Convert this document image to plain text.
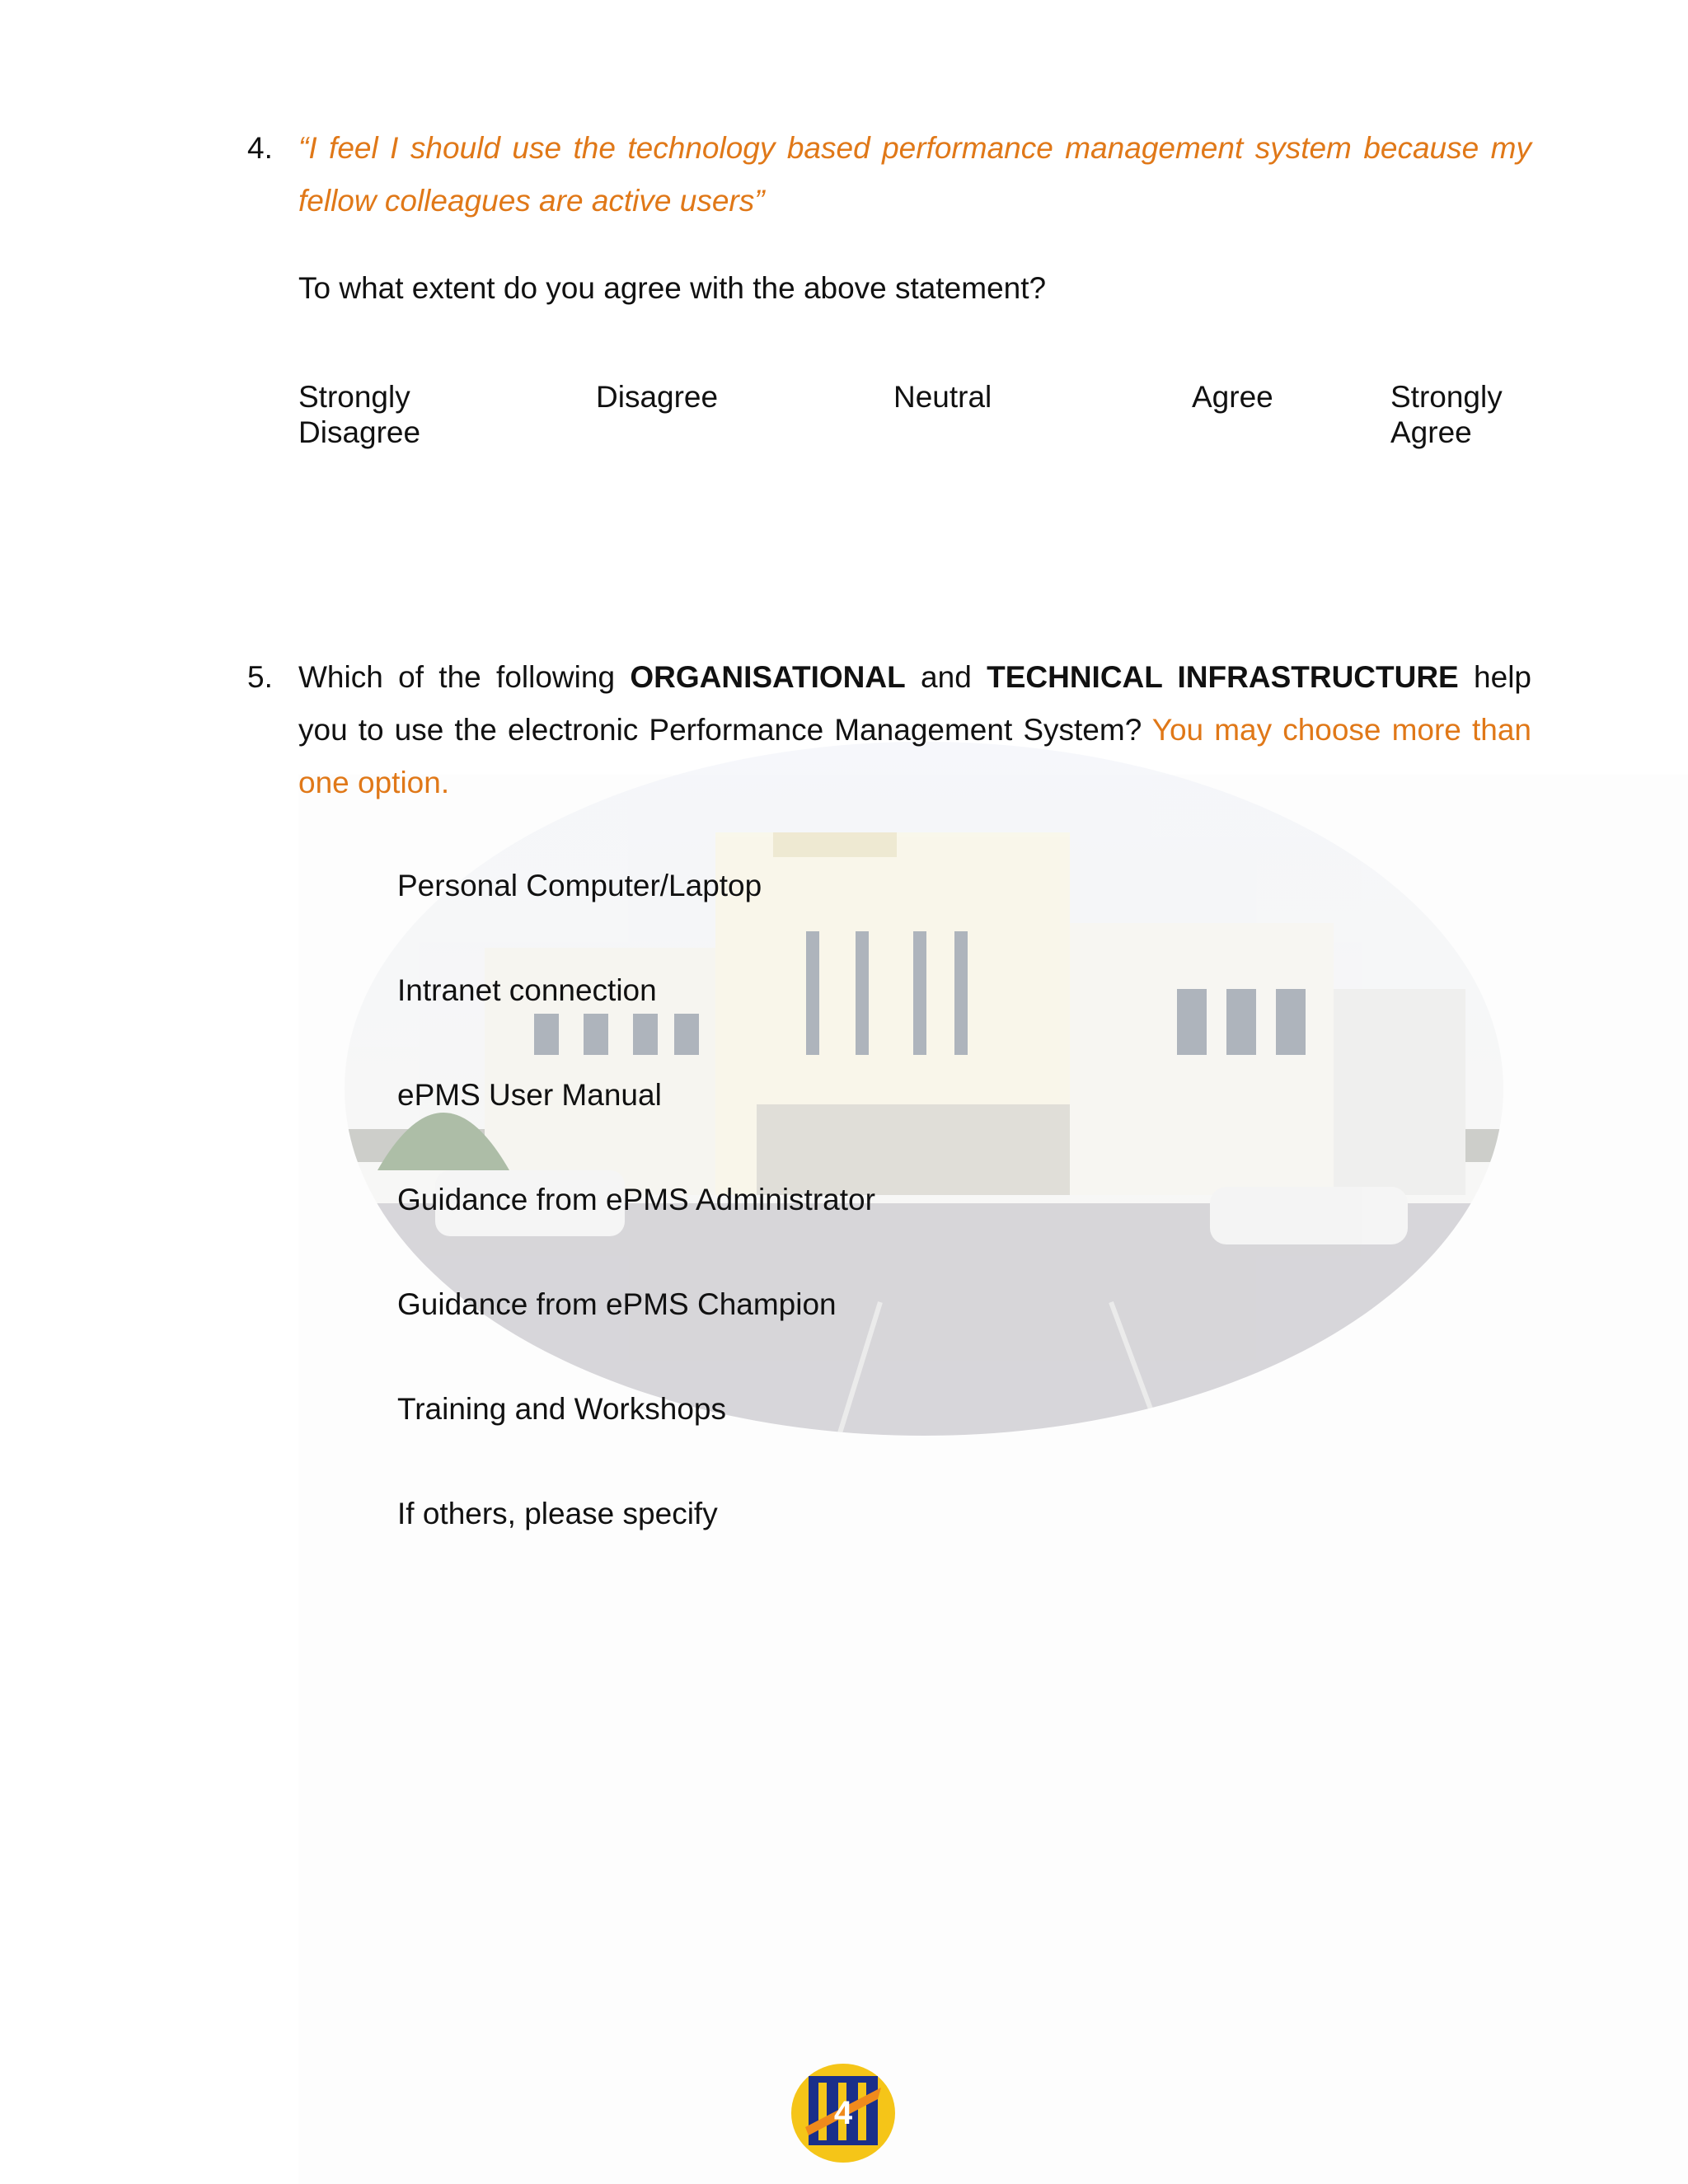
4. “I feel I should use the technology based performance management system because my fellow colleagues are active users”
To what extent do you agree with the above statement?
Strongly Disagree
Disagree	Neutral	Agree	Strongly Agree
5. Which of the following ORGANISATIONAL and TECHNICAL INFRASTRUCTURE help you to use the electronic Performance Management System? You may choose more than one option.
Personal Computer/Laptop
Intranet connection
ePMS User Manual
Guidance from ePMS Administrator
Guidance from ePMS Champion
Training and Workshops
If others, please specify
4
